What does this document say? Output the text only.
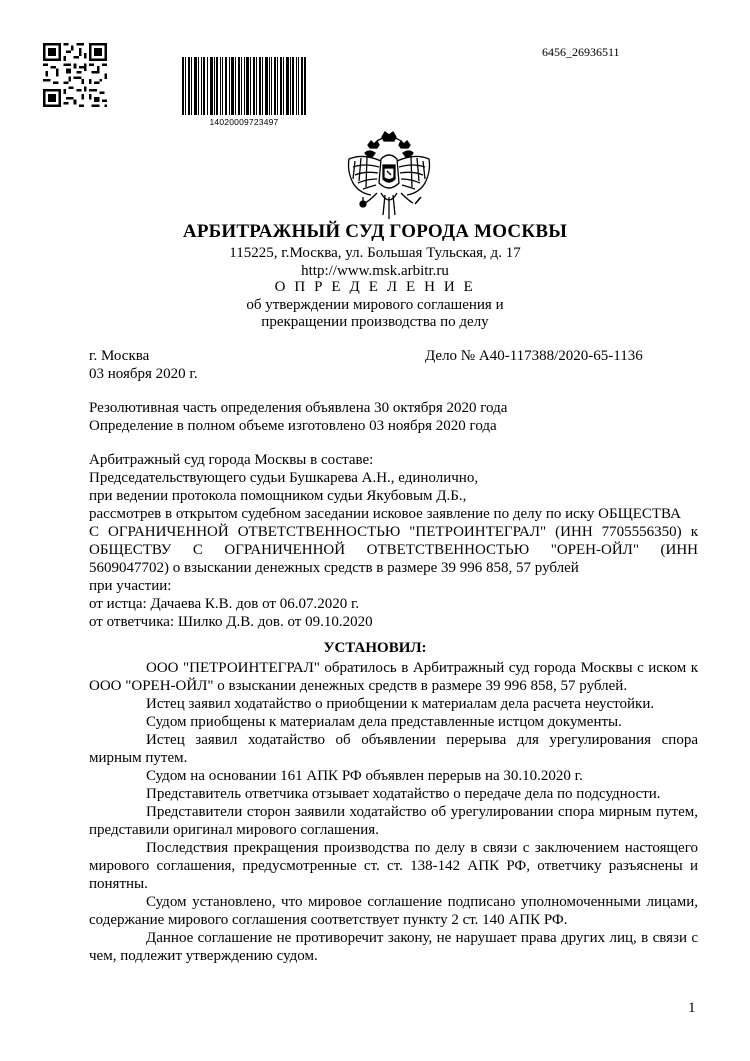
14020009723497
6456_26936511
АРБИТРАЖНЫЙ СУД ГОРОДА МОСКВЫ
115225, г.Москва, ул. Большая Тульская, д. 17
http://www.msk.arbitr.ru
О П Р Е Д Е Л Е Н И Е
об утверждении мирового соглашения и
прекращении производства по делу
г. Москва
03 ноября 2020 г.
Дело № А40-117388/2020-65-1136
Резолютивная часть определения объявлена 30 октября 2020 года
Определение в полном объеме изготовлено 03 ноября 2020 года
Арбитражный суд города Москвы в составе:
Председательствующего судьи Бушкарева А.Н., единолично,
при ведении протокола помощником судьи Якубовым Д.Б.,
рассмотрев в открытом судебном заседании исковое заявление по делу по иску ОБЩЕСТВА
С ОГРАНИЧЕННОЙ ОТВЕТСТВЕННОСТЬЮ "ПЕТРОИНТЕГРАЛ" (ИНН 7705556350) к
ОБЩЕСТВУ С ОГРАНИЧЕННОЙ ОТВЕТСТВЕННОСТЬЮ "ОРЕН-ОЙЛ" (ИНН
5609047702) о взыскании денежных средств в размере 39 996 858, 57 рублей
при участии:
от истца: Дачаева К.В. дов от 06.07.2020 г.
от ответчика: Шилко Д.В. дов. от 09.10.2020
УСТАНОВИЛ:
ООО "ПЕТРОИНТЕГРАЛ" обратилось в Арбитражный суд города Москвы с иском к
ООО "ОРЕН-ОЙЛ" о взыскании денежных средств в размере 39 996 858, 57 рублей.
Истец заявил ходатайство о приобщении к материалам дела расчета неустойки.
Судом приобщены к материалам дела представленные истцом документы.
Истец заявил ходатайство об объявлении перерыва для урегулирования спора
мирным путем.
Судом на основании 161 АПК РФ объявлен перерыв на 30.10.2020 г.
Представитель ответчика отзывает ходатайство о передаче дела по подсудности.
Представители сторон заявили ходатайство об урегулировании спора мирным путем,
представили оригинал мирового соглашения.
Последствия прекращения производства по делу в связи с заключением настоящего
мирового соглашения, предусмотренные ст. ст. 138-142 АПК РФ, ответчику разъяснены и
понятны.
Судом установлено, что мировое соглашение подписано уполномоченными лицами,
содержание мирового соглашения соответствует пункту 2 ст. 140 АПК РФ.
Данное соглашение не противоречит закону, не нарушает права других лиц, в связи с
чем, подлежит утверждению судом.
1
